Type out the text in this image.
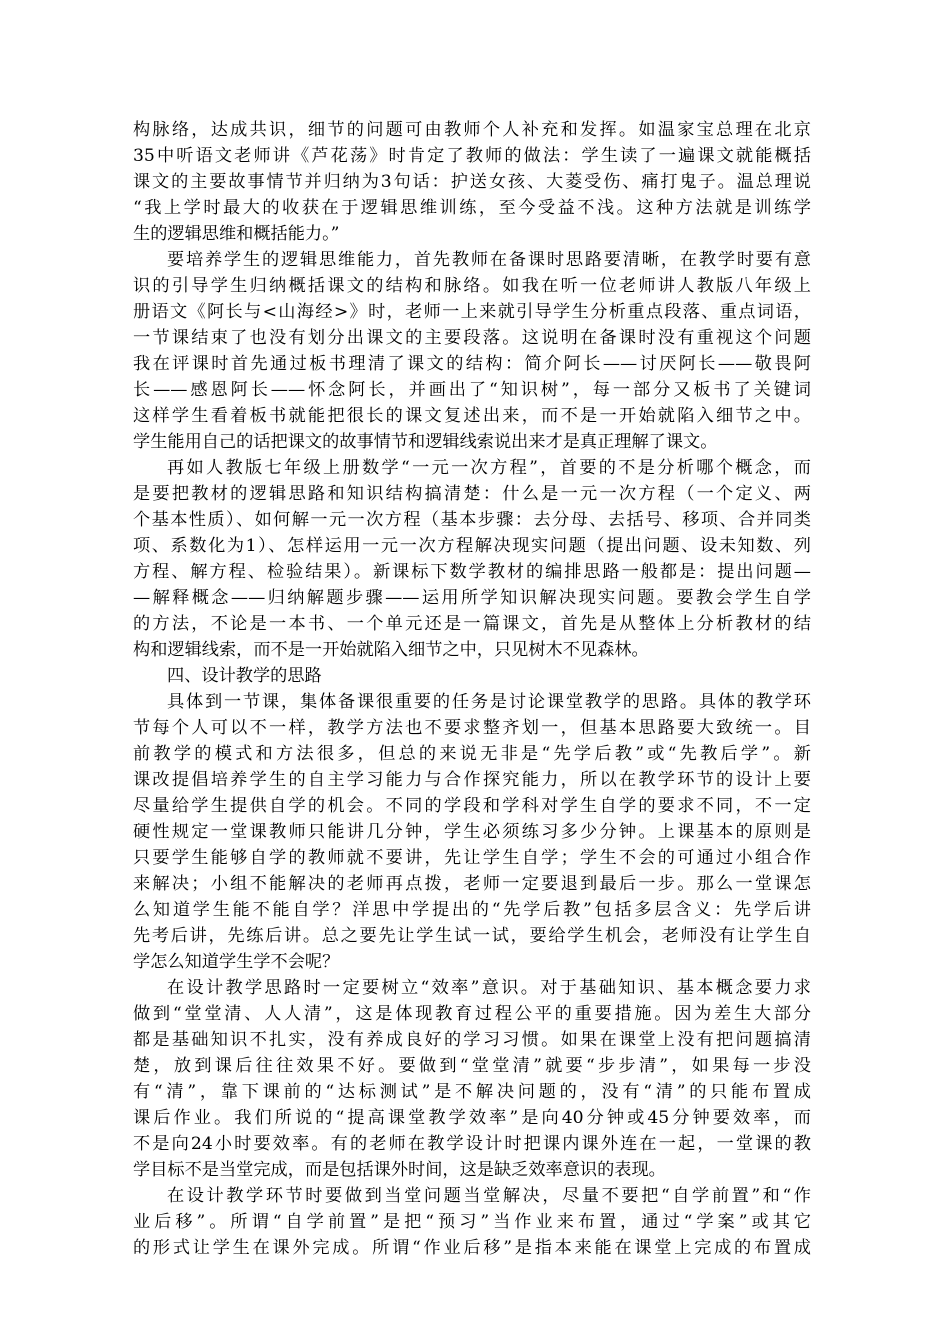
构脉络，达成共识，细节的问题可由教师个人补充和发挥。如温家宝总理在北京
35中听语文老师讲《芦花荡》时肯定了教师的做法：学生读了一遍课文就能概括
课文的主要故事情节并归纳为3句话：护送女孩、大菱受伤、痛打鬼子。温总理说
“我上学时最大的收获在于逻辑思维训练，至今受益不浅。这种方法就是训练学
生的逻辑思维和概括能力。”
要培养学生的逻辑思维能力，首先教师在备课时思路要清晰，在教学时要有意
识的引导学生归纳概括课文的结构和脉络。如我在听一位老师讲人教版八年级上
册语文《阿长与<山海经>》时，老师一上来就引导学生分析重点段落、重点词语，
一节课结束了也没有划分出课文的主要段落。这说明在备课时没有重视这个问题
我在评课时首先通过板书理清了课文的结构：简介阿长——讨厌阿长——敬畏阿
长——感恩阿长——怀念阿长，并画出了“知识树”，每一部分又板书了关键词
这样学生看着板书就能把很长的课文复述出来，而不是一开始就陷入细节之中。
学生能用自己的话把课文的故事情节和逻辑线索说出来才是真正理解了课文。
再如人教版七年级上册数学“一元一次方程”，首要的不是分析哪个概念，而
是要把教材的逻辑思路和知识结构搞清楚：什么是一元一次方程（一个定义、两
个基本性质）、如何解一元一次方程（基本步骤：去分母、去括号、移项、合并同类
项、系数化为1）、怎样运用一元一次方程解决现实问题（提出问题、设未知数、列
方程、解方程、检验结果）。新课标下数学教材的编排思路一般都是：提出问题—
—解释概念——归纳解题步骤——运用所学知识解决现实问题。要教会学生自学
的方法，不论是一本书、一个单元还是一篇课文，首先是从整体上分析教材的结
构和逻辑线索，而不是一开始就陷入细节之中，只见树木不见森林。
四、设计教学的思路
具体到一节课，集体备课很重要的任务是讨论课堂教学的思路。具体的教学环
节每个人可以不一样，教学方法也不要求整齐划一，但基本思路要大致统一。目
前教学的模式和方法很多，但总的来说无非是“先学后教”或“先教后学”。新
课改提倡培养学生的自主学习能力与合作探究能力，所以在教学环节的设计上要
尽量给学生提供自学的机会。不同的学段和学科对学生自学的要求不同，不一定
硬性规定一堂课教师只能讲几分钟，学生必须练习多少分钟。上课基本的原则是
只要学生能够自学的教师就不要讲，先让学生自学；学生不会的可通过小组合作
来解决；小组不能解决的老师再点拨，老师一定要退到最后一步。那么一堂课怎
么知道学生能不能自学？洋思中学提出的“先学后教”包括多层含义：先学后讲
先考后讲，先练后讲。总之要先让学生试一试，要给学生机会，老师没有让学生自
学怎么知道学生学不会呢？
在设计教学思路时一定要树立“效率”意识。对于基础知识、基本概念要力求
做到“堂堂清、人人清”，这是体现教育过程公平的重要措施。因为差生大部分
都是基础知识不扎实，没有养成良好的学习习惯。如果在课堂上没有把问题搞清
楚，放到课后往往效果不好。要做到“堂堂清”就要“步步清”，如果每一步没
有“清”，靠下课前的“达标测试”是不解决问题的，没有“清”的只能布置成
课后作业。我们所说的“提高课堂教学效率”是向40分钟或45分钟要效率，而
不是向24小时要效率。有的老师在教学设计时把课内课外连在一起，一堂课的教
学目标不是当堂完成，而是包括课外时间，这是缺乏效率意识的表现。
在设计教学环节时要做到当堂问题当堂解决，尽量不要把“自学前置”和“作
业后移”。所谓“自学前置”是把“预习”当作业来布置，通过“学案”或其它
的形式让学生在课外完成。所谓“作业后移”是指本来能在课堂上完成的布置成
